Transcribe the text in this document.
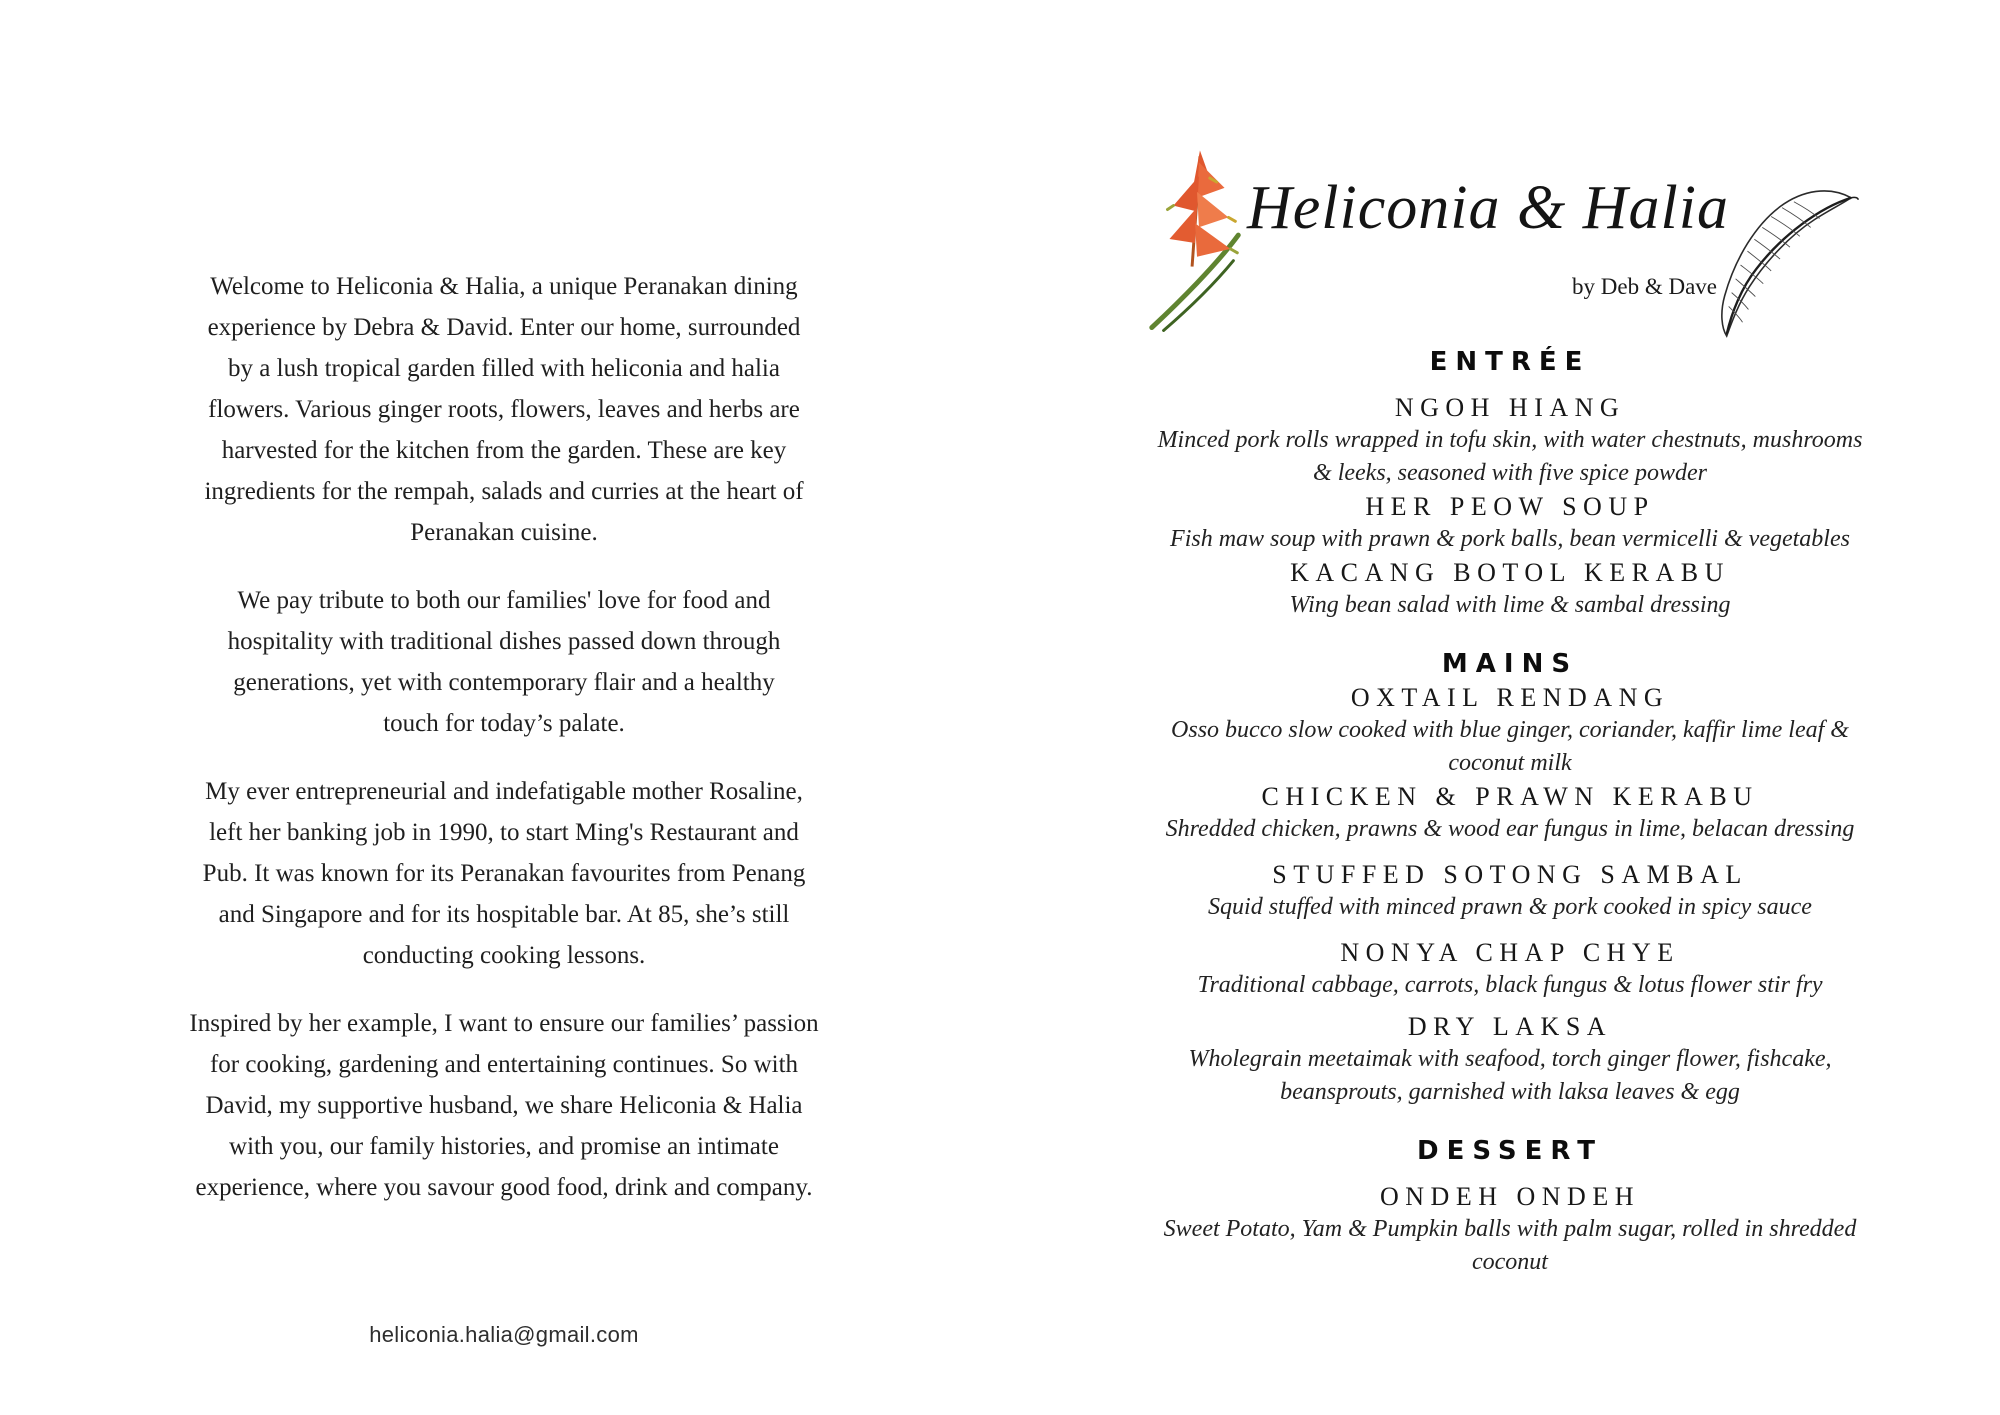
Welcome to Heliconia & Halia, a unique Peranakan dining
experience by Debra & David. Enter our home, surrounded
by a lush tropical garden filled with heliconia and halia
flowers. Various ginger roots, flowers, leaves and herbs are
harvested for the kitchen from the garden. These are key
ingredients for the rempah, salads and curries at the heart of
Peranakan cuisine.

We pay tribute to both our families' love for food and
hospitality with traditional dishes passed down through
generations, yet with contemporary flair and a healthy
touch for today’s palate.

My ever entrepreneurial and indefatigable mother Rosaline,
left her banking job in 1990, to start Ming's Restaurant and
Pub. It was known for its Peranakan favourites from Penang
and Singapore and for its hospitable bar. At 85, she’s still
conducting cooking lessons.

Inspired by her example, I want to ensure our families’ passion
for cooking, gardening and entertaining continues. So with
David, my supportive husband, we share Heliconia & Halia
with you, our family histories, and promise an intimate
experience, where you savour good food, drink and company.

heliconia.halia@gmail.com
Heliconia & Halia
by Deb & Dave
ENTRÉE
NGOH HIANG
Minced pork rolls wrapped in tofu skin, with water chestnuts, mushrooms
& leeks, seasoned with five spice powder
HER PEOW SOUP
Fish maw soup with prawn & pork balls, bean vermicelli & vegetables
KACANG BOTOL KERABU
Wing bean salad with lime & sambal dressing
MAINS
OXTAIL RENDANG
Osso bucco slow cooked with blue ginger, coriander, kaffir lime leaf &
coconut milk
CHICKEN & PRAWN KERABU
Shredded chicken, prawns & wood ear fungus in lime, belacan dressing
STUFFED SOTONG SAMBAL
Squid stuffed with minced prawn & pork cooked in spicy sauce
NONYA CHAP CHYE
Traditional cabbage, carrots, black fungus & lotus flower stir fry
DRY LAKSA
Wholegrain meetaimak with seafood, torch ginger flower, fishcake,
beansprouts, garnished with laksa leaves & egg
DESSERT
ONDEH ONDEH
Sweet Potato, Yam & Pumpkin balls with palm sugar, rolled in shredded
coconut
